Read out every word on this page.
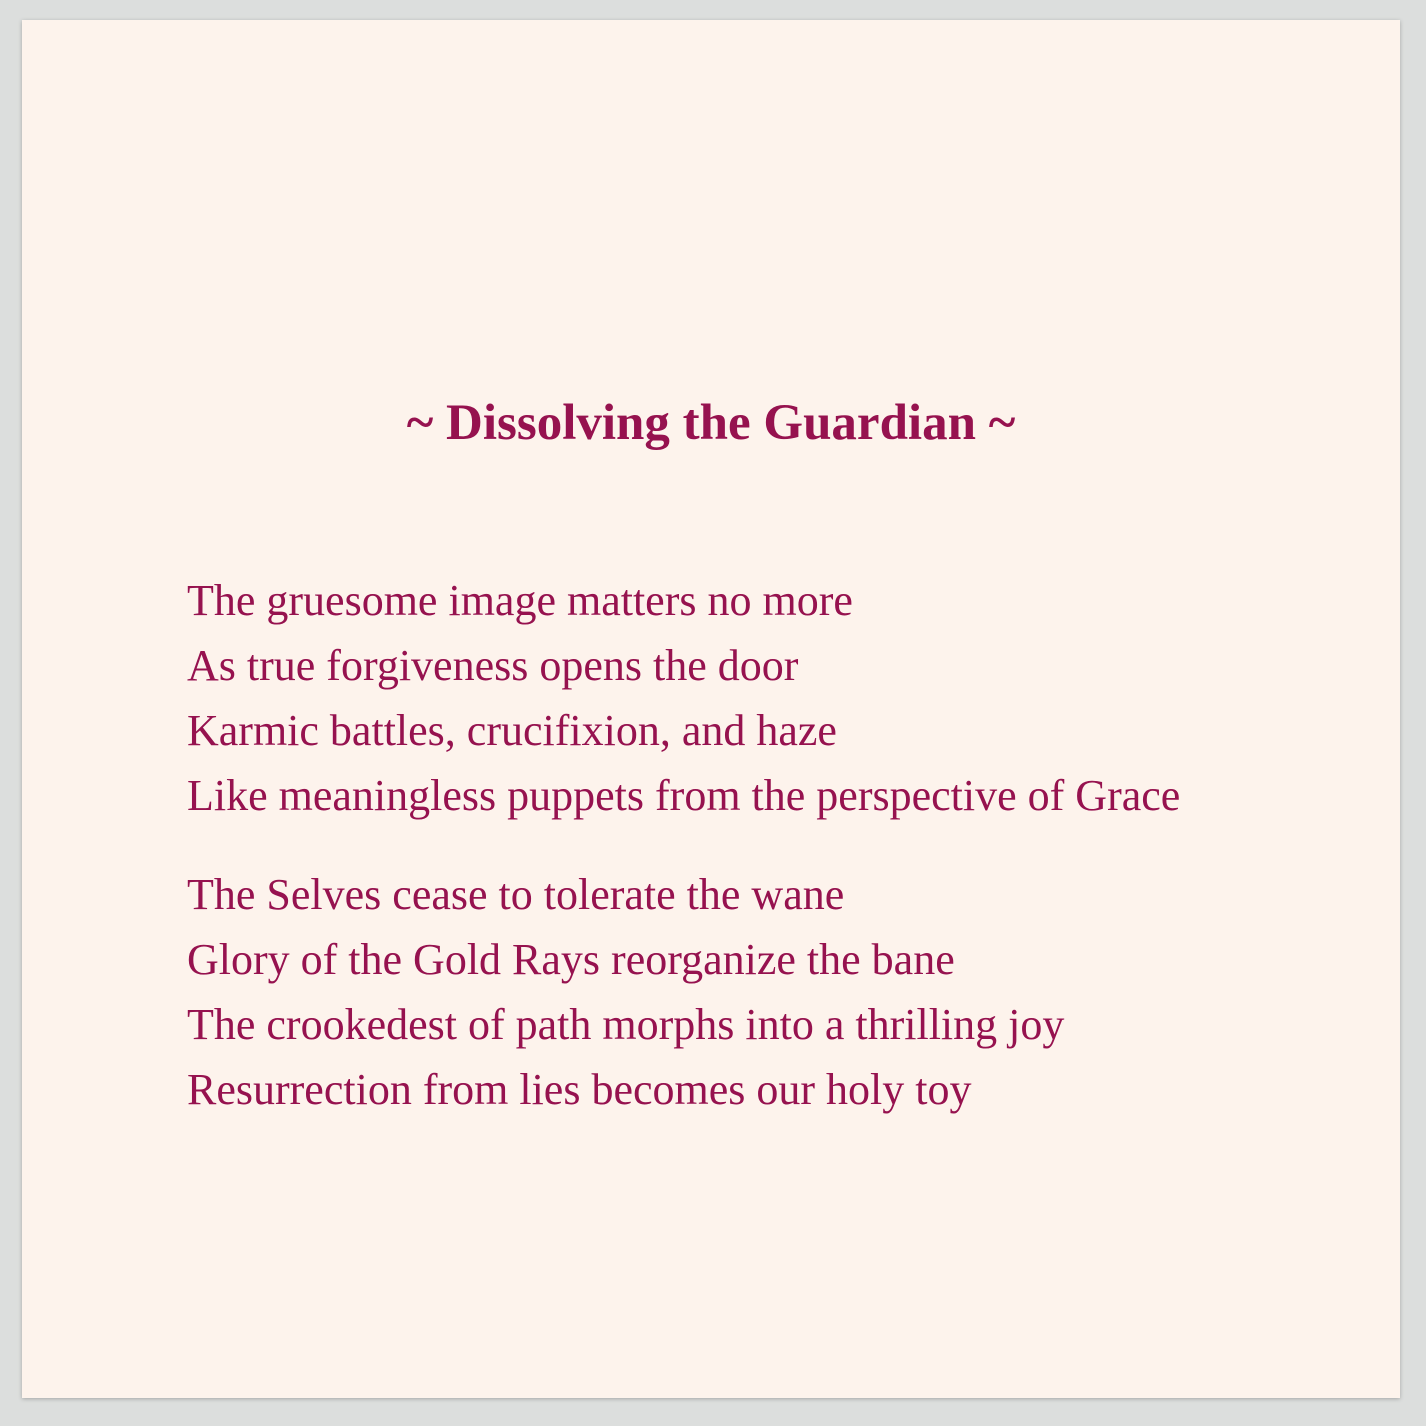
~ Dissolving the Guardian ~
The gruesome image matters no more
As true forgiveness opens the door
Karmic battles, crucifixion, and haze
Like meaningless puppets from the perspective of Grace
The Selves cease to tolerate the wane
Glory of the Gold Rays reorganize the bane
The crookedest of path morphs into a thrilling joy
Resurrection from lies becomes our holy toy
